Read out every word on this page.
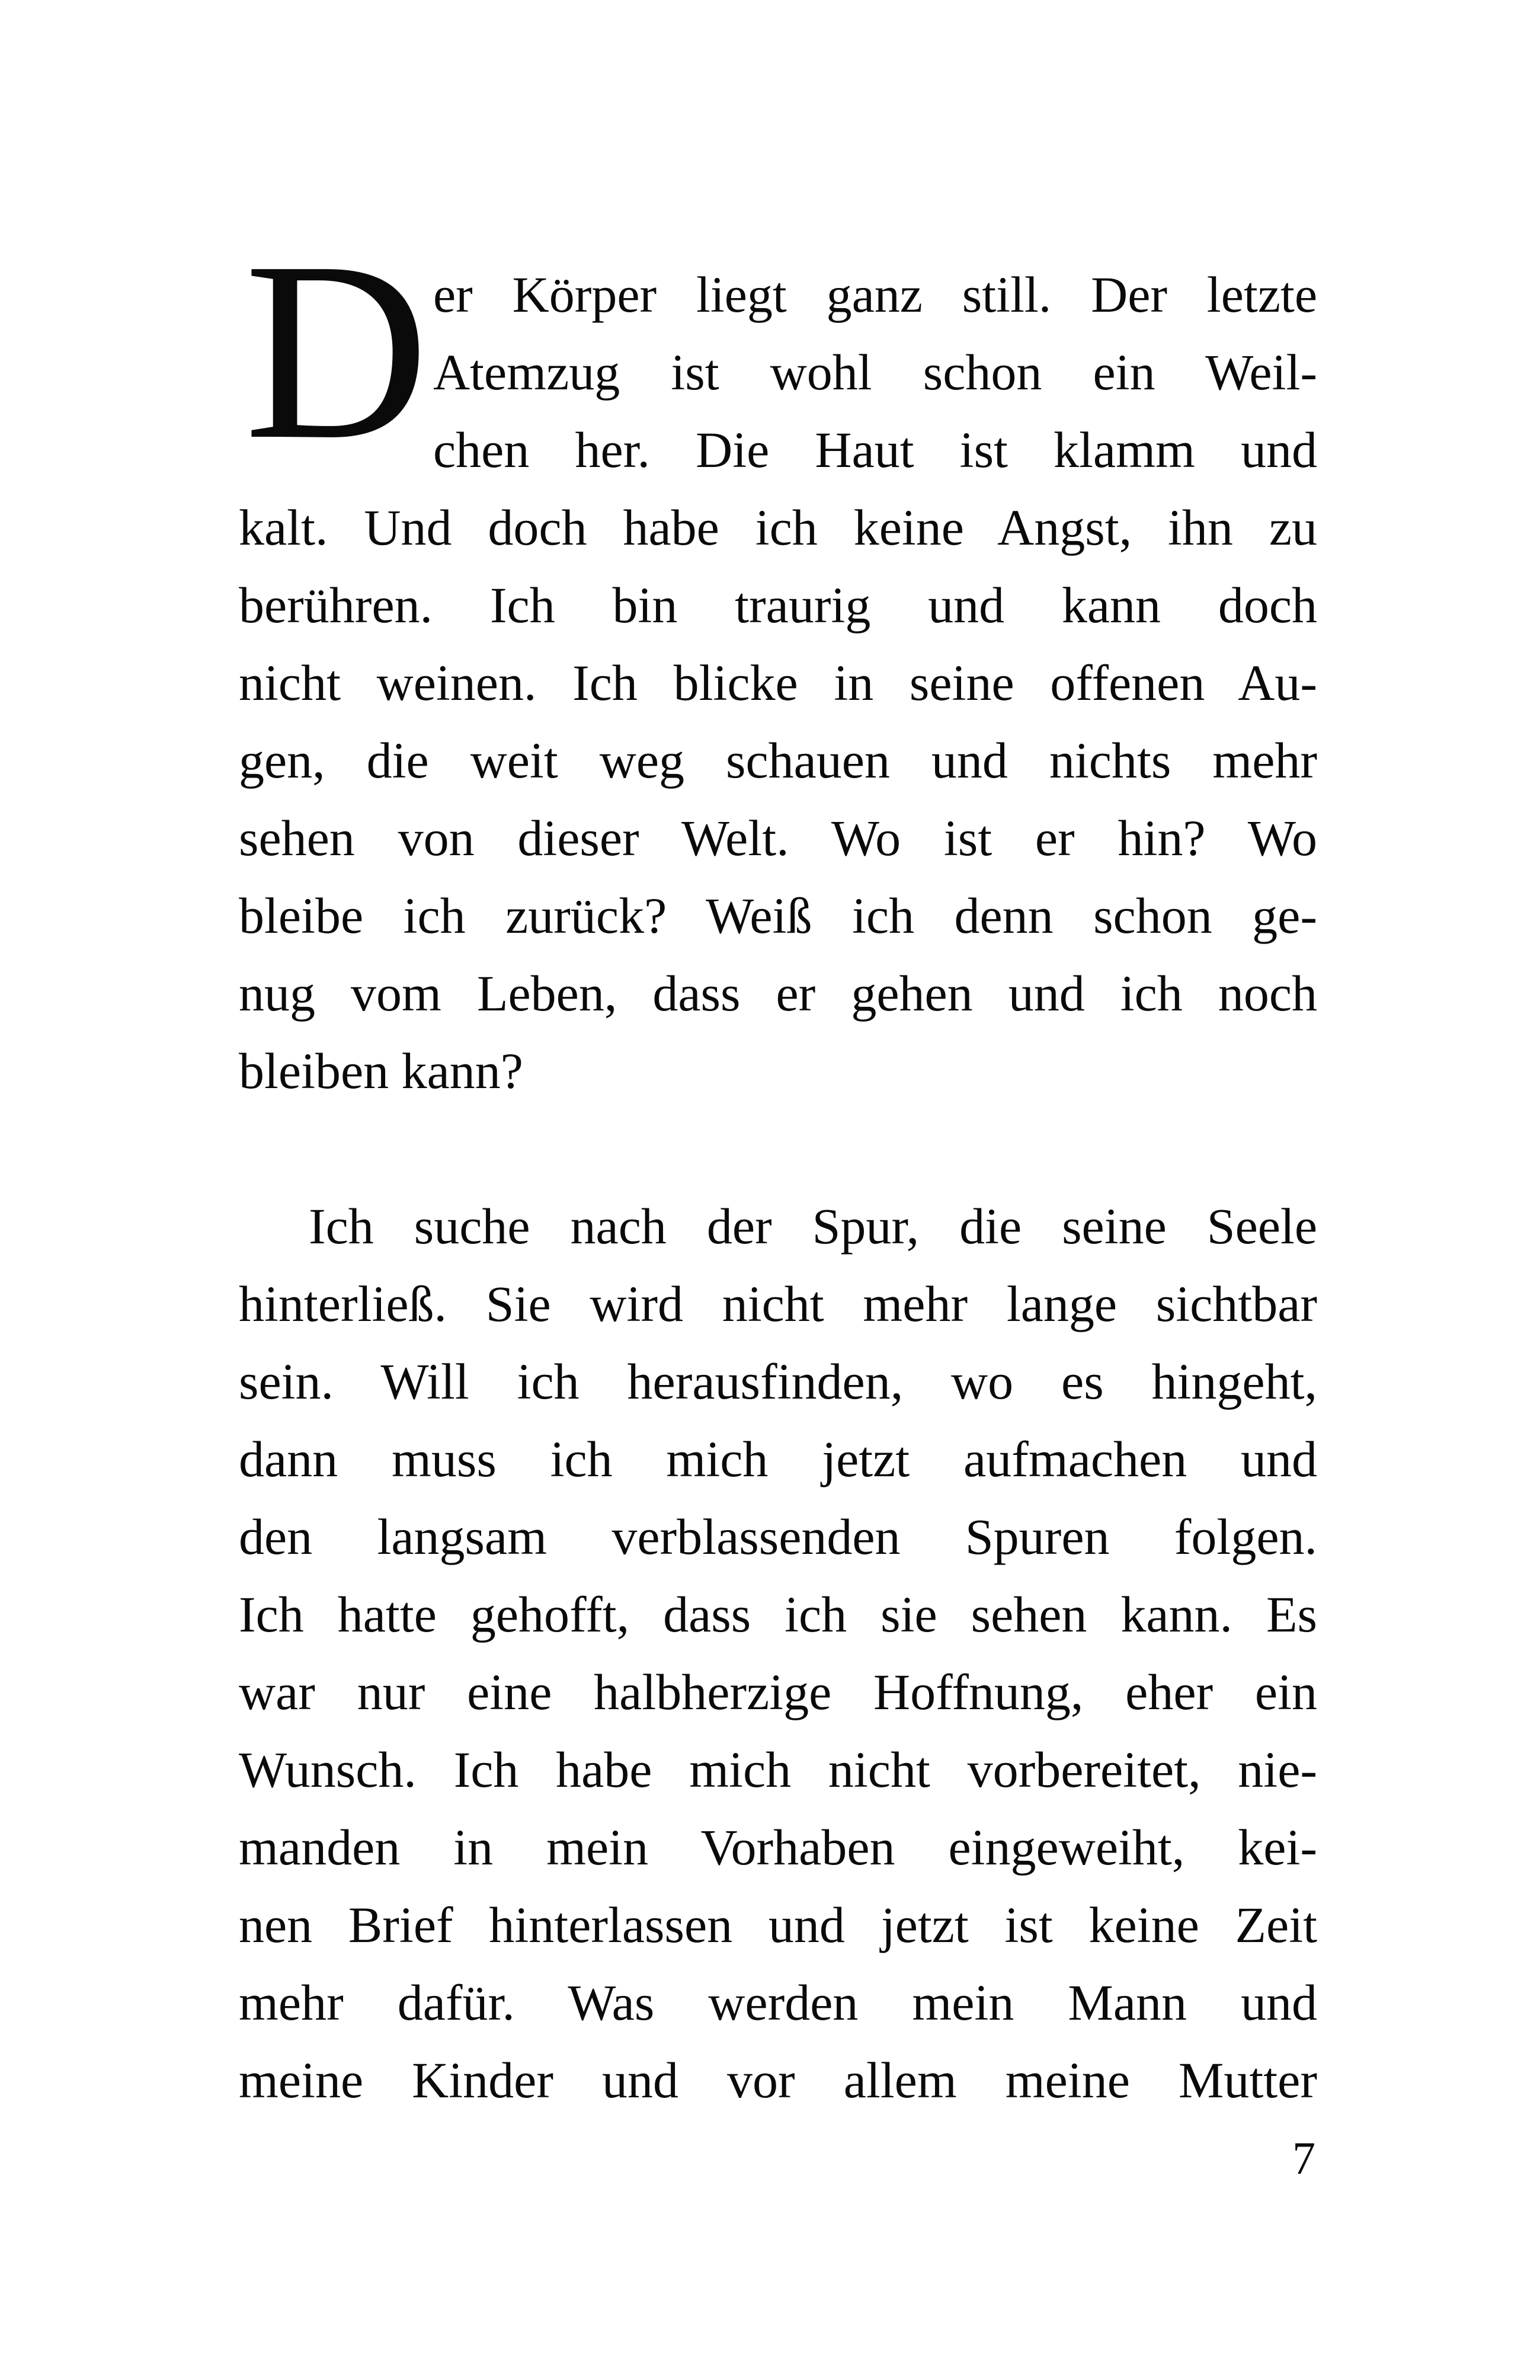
D er Körper liegt ganz still. Der letzte
Atemzug ist wohl schon ein Weil-
chen her. Die Haut ist klamm und
kalt. Und doch habe ich keine Angst, ihn zu
berühren. Ich bin traurig und kann doch
nicht weinen. Ich blicke in seine offenen Au-
gen, die weit weg schauen und nichts mehr
sehen von dieser Welt. Wo ist er hin? Wo
bleibe ich zurück? Weiß ich denn schon ge-
nug vom Leben, dass er gehen und ich noch
bleiben kann?
Ich suche nach der Spur, die seine Seele
hinterließ. Sie wird nicht mehr lange sichtbar
sein. Will ich herausfinden, wo es hingeht,
dann muss ich mich jetzt aufmachen und
den langsam verblassenden Spuren folgen.
Ich hatte gehofft, dass ich sie sehen kann. Es
war nur eine halbherzige Hoffnung, eher ein
Wunsch. Ich habe mich nicht vorbereitet, nie-
manden in mein Vorhaben eingeweiht, kei-
nen Brief hinterlassen und jetzt ist keine Zeit
mehr dafür. Was werden mein Mann und
meine Kinder und vor allem meine Mutter
7
